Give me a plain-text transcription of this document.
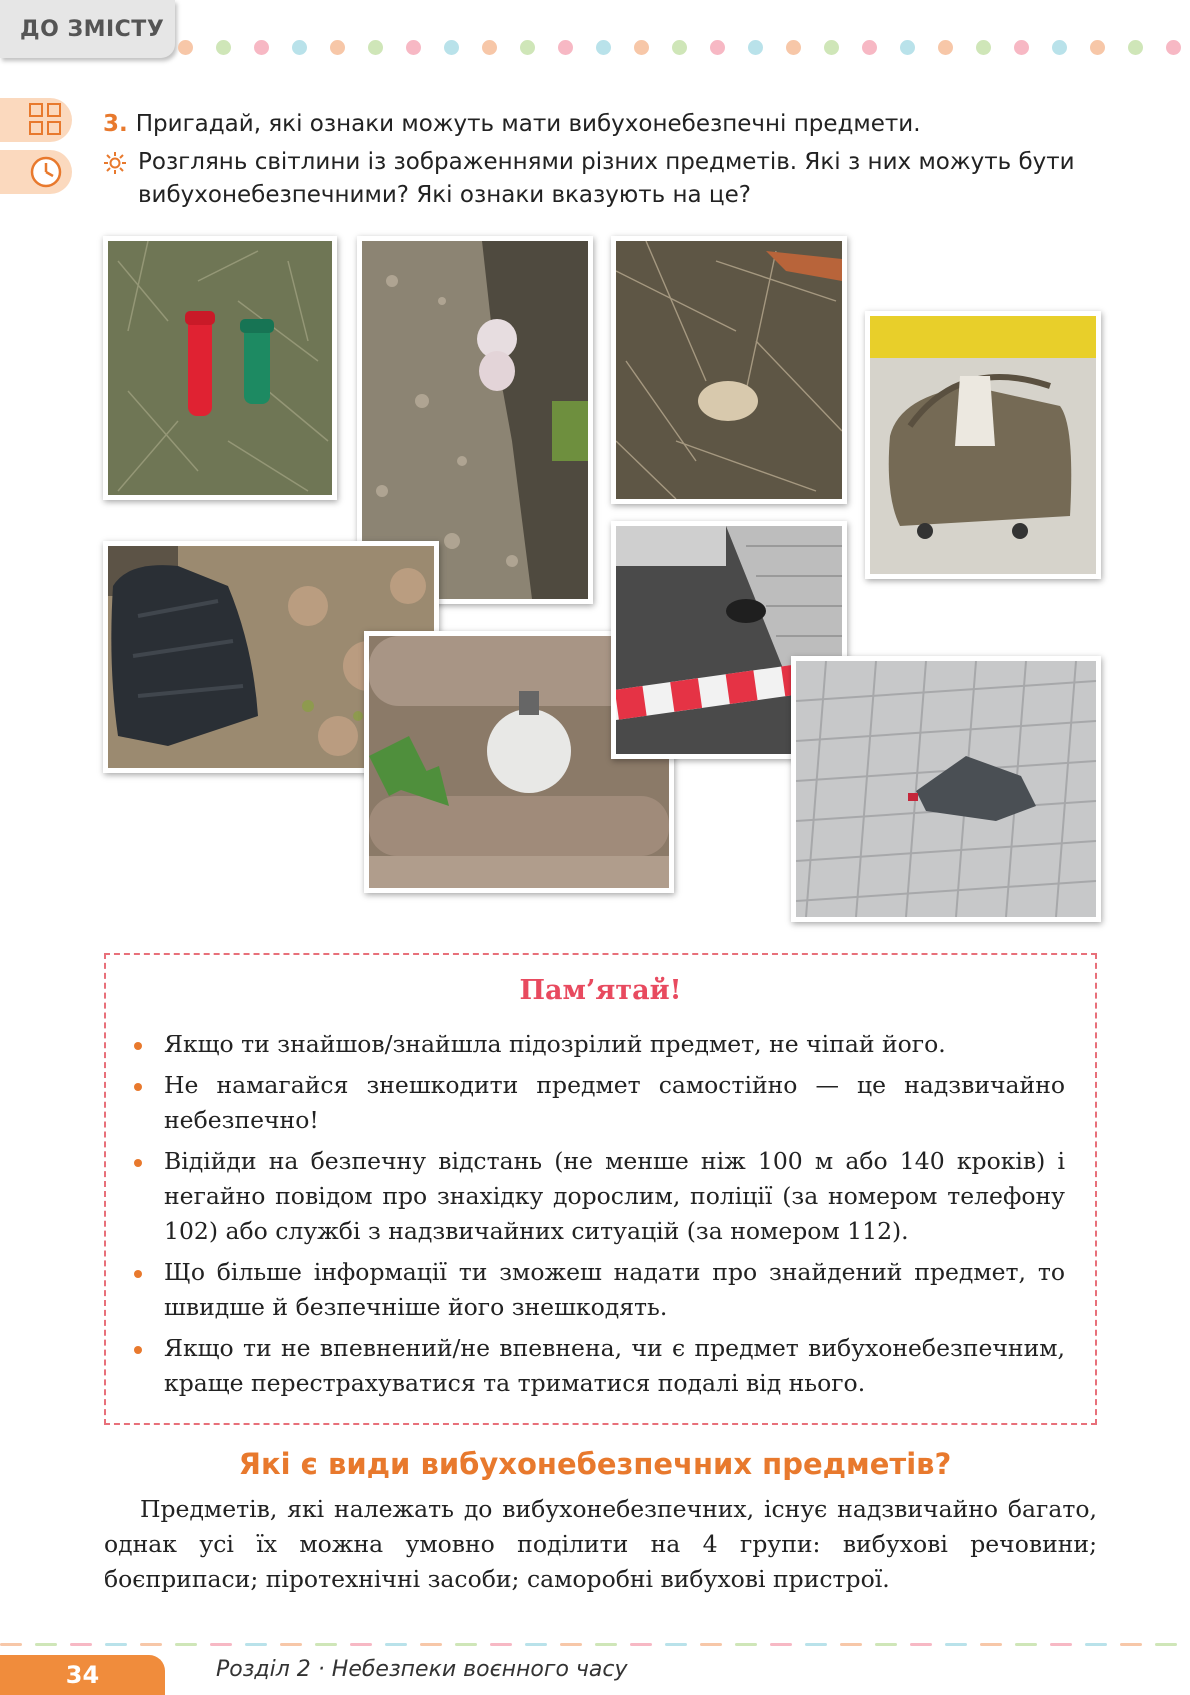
ДО ЗМІСТУ
3. Пригадай, які ознаки можуть мати вибухонебезпечні предмети.
Розглянь світлини із зображеннями різних предметів. Які з них можуть бути
вибухонебезпечними? Які ознаки вказують на це?
Пам’ятай!
Якщо ти знайшов/знайшла підозрілий предмет, не чіпай його.
Не намагайся знешкодити предмет самостійно — це надзвичайно небезпечно!
Відійди на безпечну відстань (не менше ніж 100 м або 140 кроків) і негайно повідом про знахідку дорослим, поліції (за номером телефону 102) або службі з надзвичайних ситуацій (за номером 112).
Що більше інформації ти зможеш надати про знайдений предмет, то швидше й безпечніше його знешкодять.
Якщо ти не впевнений/не впевнена, чи є предмет вибухонебезпечним, краще перестрахуватися та триматися подалі від нього.
Які є види вибухонебезпечних предметів?
Предметів, які належать до вибухонебезпечних, існує надзвичайно багато, однак усі їх можна умовно поділити на 4 групи: вибухові речовини; боєприпаси; піротехнічні засоби; саморобні вибухові пристрої.
34	Розділ 2 · Небезпеки воєнного часу
